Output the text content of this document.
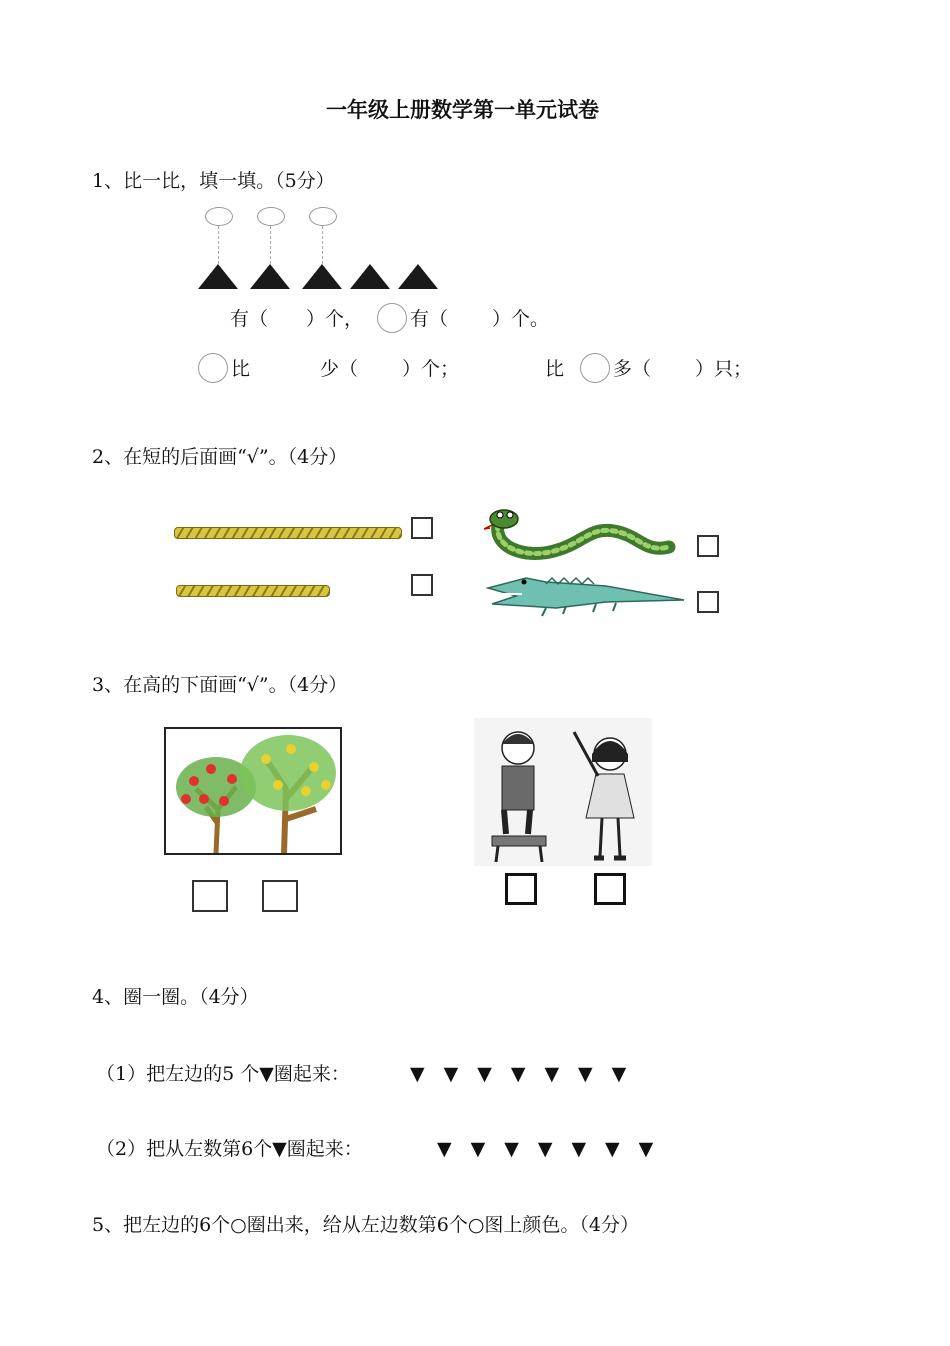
一年级上册数学第一单元试卷
1、比一比，填一填。（5分）
有（　　）个， 有（　　 ）个。
比	少（　　 ）个；	比	多（　　 ）只；
2、在短的后面画“√”。（4分）
3、在高的下面画“√”。（4分）
4、圈一圈。（4分）
（1）把左边的5 个▼圈起来：	▼　▼　▼　▼　▼　▼　▼
（2）把从左数第6个▼圈起来：	▼　▼　▼　▼　▼　▼　▼
5、把左边的6个○圈出来，给从左边数第6个○图上颜色。（4分）
